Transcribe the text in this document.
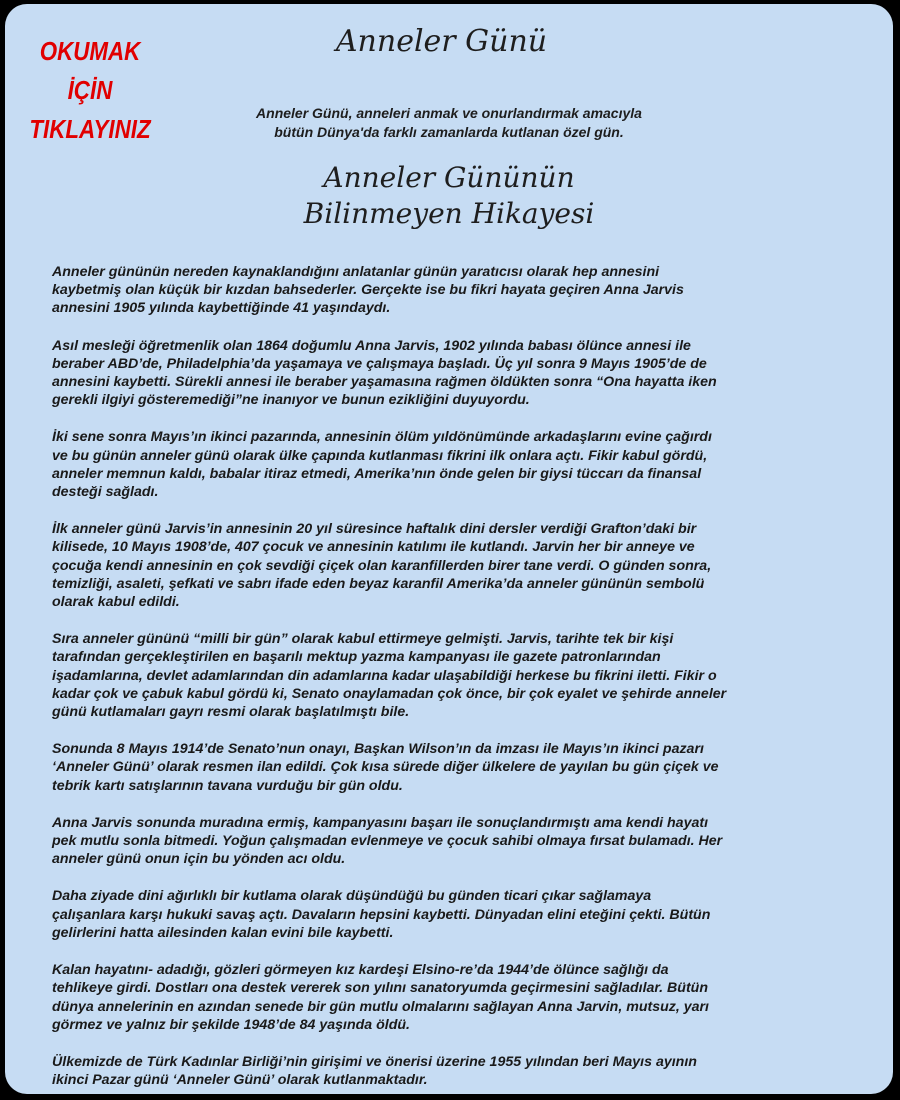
OKUMAK
İÇİN
TIKLAYINIZ
Anneler Günü
Anneler Günü, anneleri anmak ve onurlandırmak amacıyla
bütün Dünya'da farklı zamanlarda kutlanan özel gün.
Anneler Gününün
Bilinmeyen Hikayesi

Anneler gününün nereden kaynaklandığını anlatanlar günün yaratıcısı olarak hep annesini
kaybetmiş olan küçük bir kızdan bahsederler. Gerçekte ise bu fikri hayata geçiren Anna Jarvis
annesini 1905 yılında kaybettiğinde 41 yaşındaydı.

Asıl mesleği öğretmenlik olan 1864 doğumlu Anna Jarvis, 1902 yılında babası ölünce annesi ile
beraber ABD’de, Philadelphia’da yaşamaya ve çalışmaya başladı. Üç yıl sonra 9 Mayıs 1905’de de
annesini kaybetti. Sürekli annesi ile beraber yaşamasına rağmen öldükten sonra “Ona hayatta iken
gerekli ilgiyi gösteremediği”ne inanıyor ve bunun ezikliğini duyuyordu.

İki sene sonra Mayıs’ın ikinci pazarında, annesinin ölüm yıldönümünde arkadaşlarını evine çağırdı
ve bu günün anneler günü olarak ülke çapında kutlanması fikrini ilk onlara açtı. Fikir kabul gördü,
anneler memnun kaldı, babalar itiraz etmedi, Amerika’nın önde gelen bir giysi tüccarı da finansal
desteği sağladı.

İlk anneler günü Jarvis’in annesinin 20 yıl süresince haftalık dini dersler verdiği Grafton’daki bir
kilisede, 10 Mayıs 1908’de, 407 çocuk ve annesinin katılımı ile kutlandı. Jarvin her bir anneye ve
çocuğa kendi annesinin en çok sevdiği çiçek olan karanfillerden birer tane verdi. O günden sonra,
temizliği, asaleti, şefkati ve sabrı ifade eden beyaz karanfil Amerika’da anneler gününün sembolü
olarak kabul edildi.

Sıra anneler gününü “milli bir gün” olarak kabul ettirmeye gelmişti. Jarvis, tarihte tek bir kişi
tarafından gerçekleştirilen en başarılı mektup yazma kampanyası ile gazete patronlarından
işadamlarına, devlet adamlarından din adamlarına kadar ulaşabildiği herkese bu fikrini iletti. Fikir o
kadar çok ve çabuk kabul gördü ki, Senato onaylamadan çok önce, bir çok eyalet ve şehirde anneler
günü kutlamaları gayrı resmi olarak başlatılmıştı bile.

Sonunda 8 Mayıs 1914’de Senato’nun onayı, Başkan Wilson’ın da imzası ile Mayıs’ın ikinci pazarı
‘Anneler Günü’ olarak resmen ilan edildi. Çok kısa sürede diğer ülkelere de yayılan bu gün çiçek ve
tebrik kartı satışlarının tavana vurduğu bir gün oldu.

Anna Jarvis sonunda muradına ermiş, kampanyasını başarı ile sonuçlandırmıştı ama kendi hayatı
pek mutlu sonla bitmedi. Yoğun çalışmadan evlenmeye ve çocuk sahibi olmaya fırsat bulamadı. Her
anneler günü onun için bu yönden acı oldu.

Daha ziyade dini ağırlıklı bir kutlama olarak düşündüğü bu günden ticari çıkar sağlamaya
çalışanlara karşı hukuki savaş açtı. Davaların hepsini kaybetti. Dünyadan elini eteğini çekti. Bütün
gelirlerini hatta ailesinden kalan evini bile kaybetti.

Kalan hayatını- adadığı, gözleri görmeyen kız kardeşi Elsino-re’da 1944’de ölünce sağlığı da
tehlikeye girdi. Dostları ona destek vererek son yılını sanatoryumda geçirmesini sağladılar. Bütün
dünya annelerinin en azından senede bir gün mutlu olmalarını sağlayan Anna Jarvin, mutsuz, yarı
görmez ve yalnız bir şekilde 1948’de 84 yaşında öldü.

Ülkemizde de Türk Kadınlar Birliği’nin girişimi ve önerisi üzerine 1955 yılından beri Mayıs ayının
ikinci Pazar günü ‘Anneler Günü’ olarak kutlanmaktadır.
